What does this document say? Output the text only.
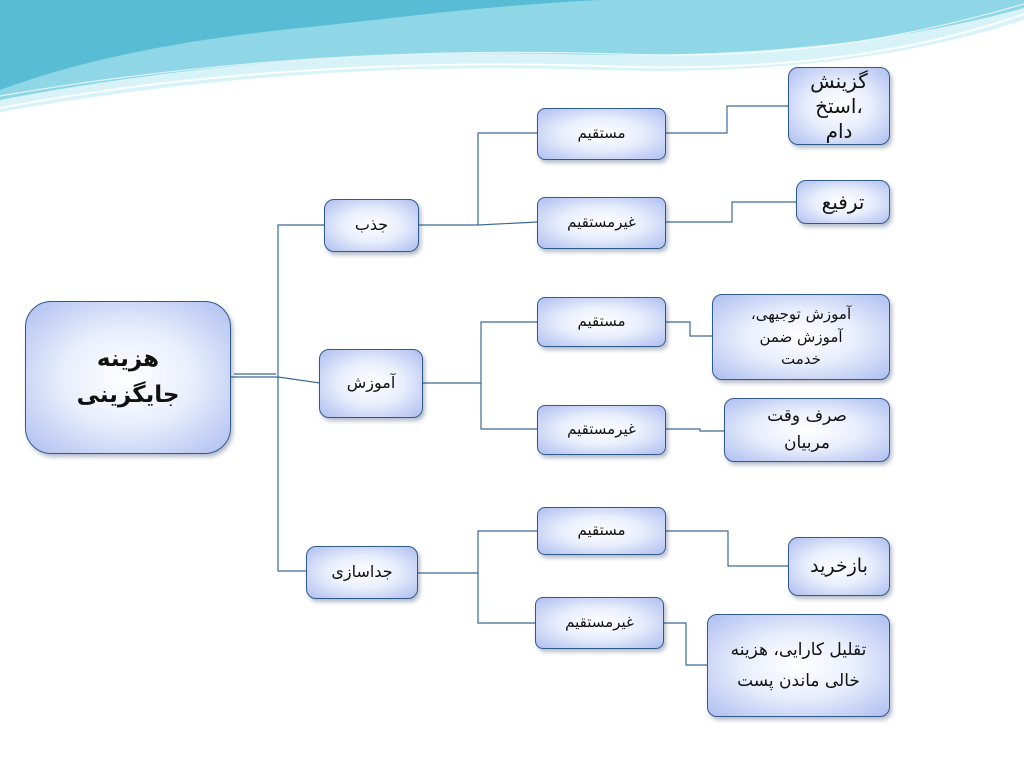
هزینه
جایگزینی
جذب
آموزش
جداسازی
مستقیم
غیرمستقیم
مستقیم
غیرمستقیم
مستقیم
غیرمستقیم
گزینش
،استخ
دام
ترفیع
آموزش توجیهی،
آموزش ضمن
خدمت
صرف وقت
مربیان
بازخرید
تقلیل کارایی، هزینه
خالی ماندن پست
